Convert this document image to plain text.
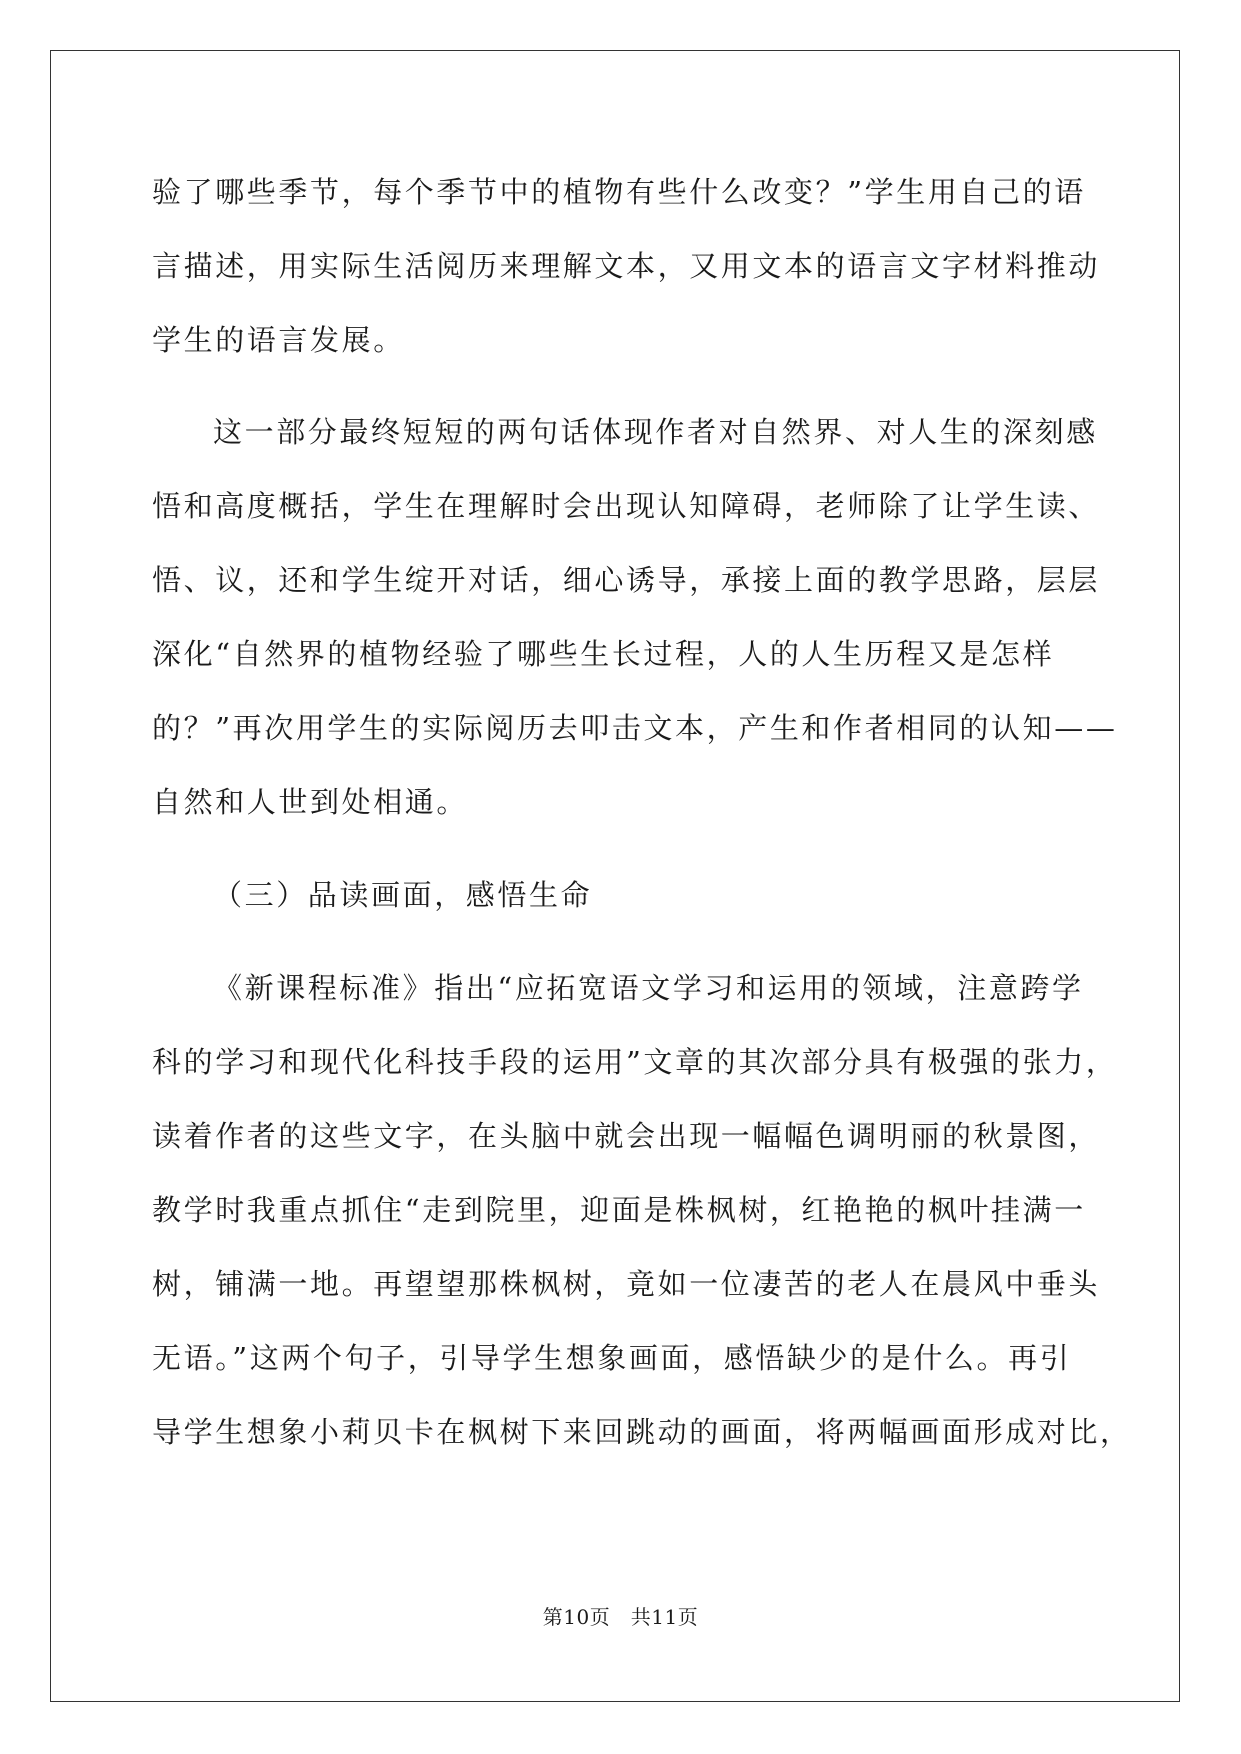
验了哪些季节，每个季节中的植物有些什么改变？”学生用自己的语
言描述，用实际生活阅历来理解文本，又用文本的语言文字材料推动
学生的语言发展。
这一部分最终短短的两句话体现作者对自然界、对人生的深刻感
悟和高度概括，学生在理解时会出现认知障碍，老师除了让学生读、
悟、议，还和学生绽开对话，细心诱导，承接上面的教学思路，层层
深化“自然界的植物经验了哪些生长过程，人的人生历程又是怎样
的？”再次用学生的实际阅历去叩击文本，产生和作者相同的认知——
自然和人世到处相通。
（三）品读画面，感悟生命
《新课程标准》指出“应拓宽语文学习和运用的领域，注意跨学
科的学习和现代化科技手段的运用”文章的其次部分具有极强的张力，
读着作者的这些文字，在头脑中就会出现一幅幅色调明丽的秋景图，
教学时我重点抓住“走到院里，迎面是株枫树，红艳艳的枫叶挂满一
树，铺满一地。再望望那株枫树，竟如一位凄苦的老人在晨风中垂头
无语。”这两个句子，引导学生想象画面，感悟缺少的是什么。再引
导学生想象小莉贝卡在枫树下来回跳动的画面，将两幅画面形成对比，
第10页　共11页
